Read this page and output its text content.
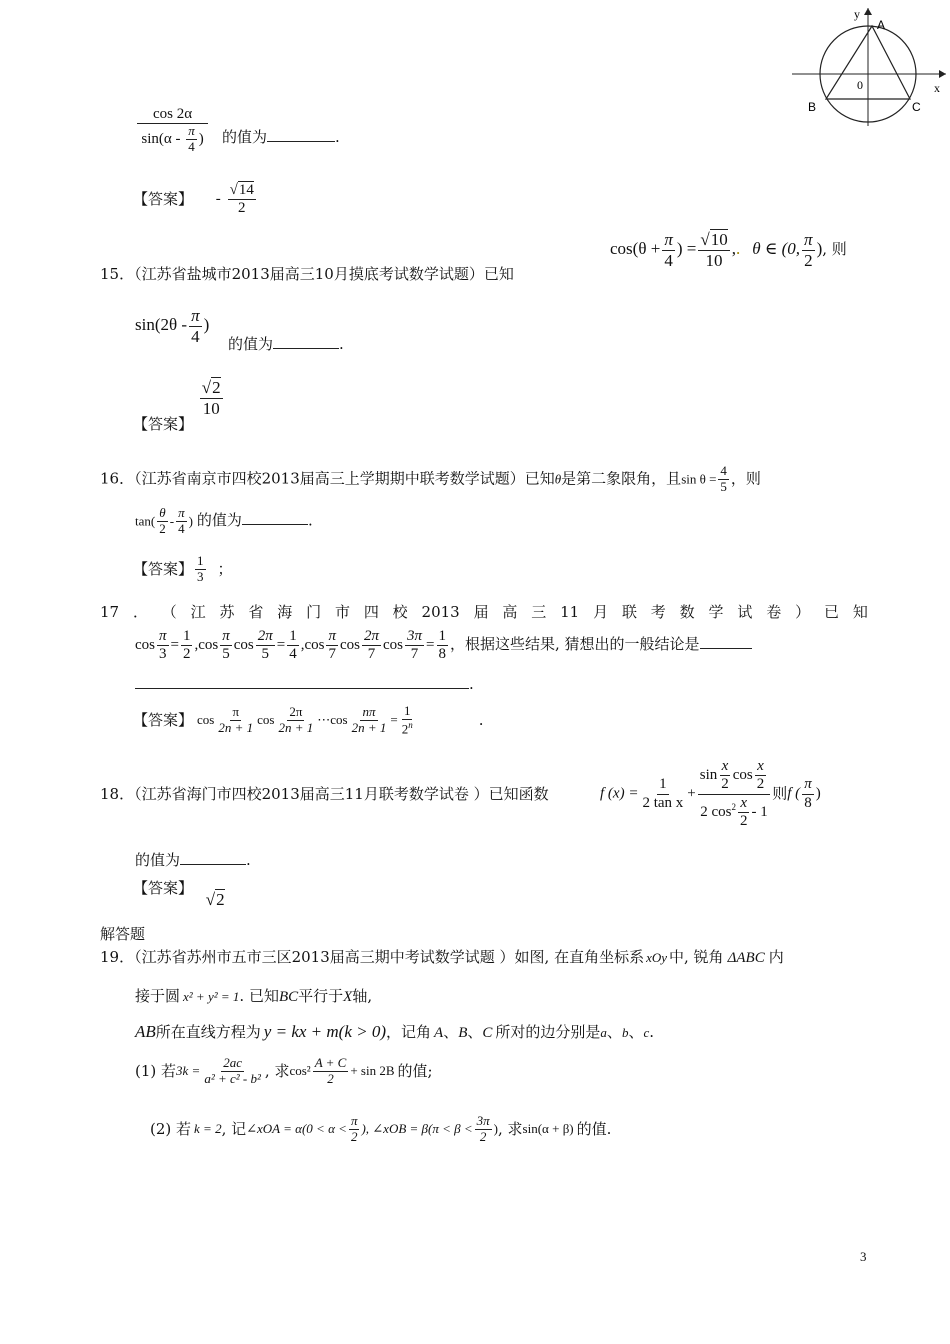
y
x
0
A
B	C
$\frac{\cos 2\alpha}{\sin(\alpha - \frac{\pi}{4} )}$ 的值为	.
【答案】 - $\frac{√14}{2}$
15．（江苏省盐城市2013届高三10月摸底考试数学试题）已知
$\cos(\theta + \frac{\pi}{4}$ ) = $\frac{√10}{10}$ ,. θ ∈ (0, $\frac{\pi}{2}$ ), 则
$\sin(2\theta - \frac{\pi}{4}$ )
的值为	.
【答案】
$\frac{√2}{10}$
16．（江苏省南京市四校2013届高三上学期期中联考数学试题）已知θ是第二象限角，且$\sin \theta = \frac{4}{5}$ ，则
$\tan( \frac{\theta}{2} - \frac{\pi}{4}$ ) 的值为	.
【答案】 $\frac{1}{3}$ ；
17 ． （ 江 苏 省 海 门 市 四 校 2013 届 高 三 11 月 联 考 数 学 试 卷 ） 已 知
$\cos \frac{\pi}{3} = \frac{1}{2} ,\cos \frac{\pi}{5}$ $\cos \frac{2\pi}{5} = \frac{1}{4} ,\cos \frac{\pi}{7}$ $\cos \frac{2\pi}{7}$ $\cos \frac{3\pi}{7} = \frac{1}{8}$ ，根据这些结果, 猜想出的一般结论是
.
【答案】 $\cos \frac{\pi}{2n + 1}$ $\cos \frac{2\pi}{2n + 1}$ ⋯cos $\frac{n\pi}{2n + 1} = \frac{1}{2^n}$	.
18．（江苏省海门市四校2013届高三11月联考数学试卷 ）已知函数	f $(x) = \frac{1}{\text{2 tan x}} + \frac{\sin \frac{x}{2} \cos \frac{x}{2}}{2 \cos^2 \frac{x}{2} - 1}$ 则f ( $\frac{\pi}{8}$ )
的值为	.
【答案】 √2
解答题
19．（江苏省苏州市五市三区2013届高三期中考试数学试题 ）如图, 在直角坐标系 xOy 中, 锐角 ΔABC 内
接于圆 x² + y² = 1. 已知BC平行于X轴,
AB所在直线方程为 y = kx + m(k > 0)，记角 A、B、C 所对的边分别是a、b、c.
(1) 若$3k = \frac{2ac}{\text{a² + c² - b²}}$ , 求$\cos^2 \frac{A + C}{2} + \sin 2B$ 的值;
(2) 若 k = 2, 记∠xOA = $\alpha(0 < \alpha < \frac{\pi}{2}$ ), ∠xOB = $\beta(\pi < \beta < \frac{3\pi}{2}$ ), 求sin(α + β) 的值.
3
